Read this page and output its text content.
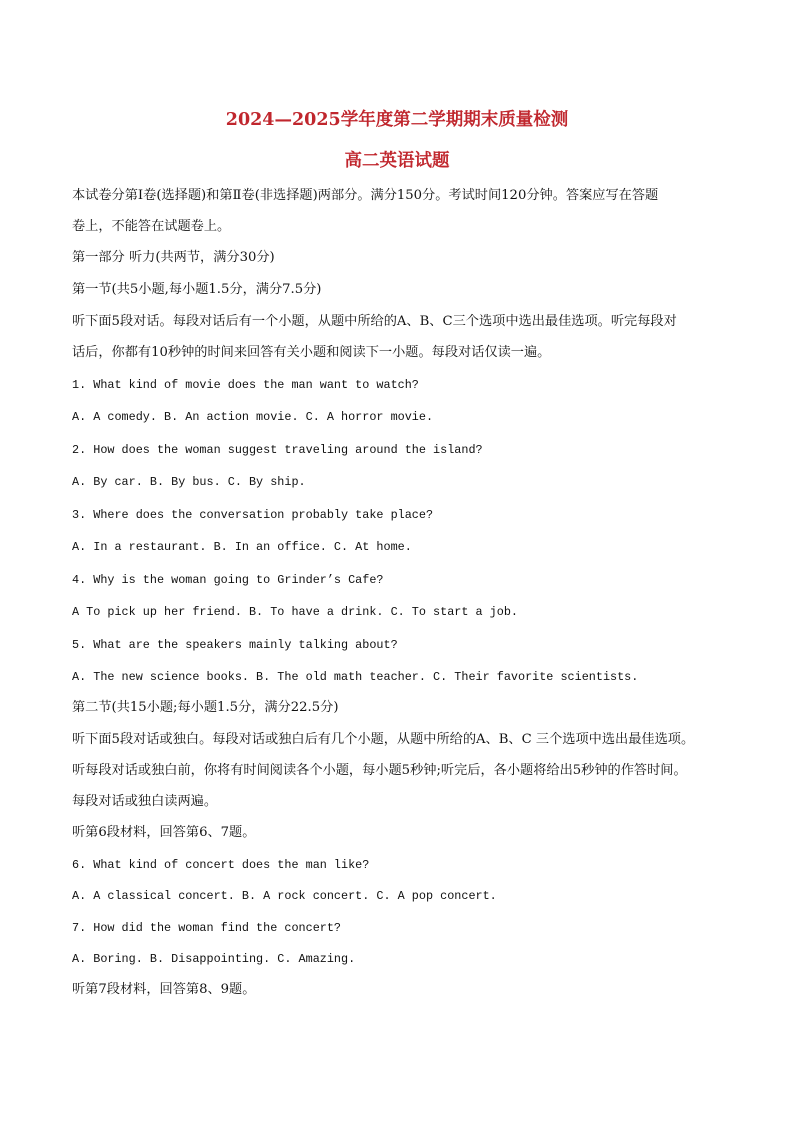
2024—2025学年度第二学期期末质量检测
高二英语试题
本试卷分第Ⅰ卷(选择题)和第Ⅱ卷(非选择题)两部分。满分150分。考试时间120分钟。答案应写在答题
卷上，不能答在试题卷上。
第一部分 听力(共两节，满分30分)
第一节(共5小题,每小题1.5分，满分7.5分)
听下面5段对话。每段对话后有一个小题，从题中所给的A、B、C三个选项中选出最佳选项。听完每段对
话后，你都有10秒钟的时间来回答有关小题和阅读下一小题。每段对话仅读一遍。
1. What kind of movie does the man want to watch?
A. A comedy. B. An action movie. C. A horror movie.
2. How does the woman suggest traveling around the island?
A. By car. B. By bus. C. By ship.
3. Where does the conversation probably take place?
A. In a restaurant. B. In an office. C. At home.
4. Why is the woman going to Grinder’s Cafe?
A To pick up her friend. B. To have a drink. C. To start a job.
5. What are the speakers mainly talking about?
A. The new science books. B. The old math teacher. C. Their favorite scientists.
第二节(共15小题;每小题1.5分，满分22.5分)
听下面5段对话或独白。每段对话或独白后有几个小题，从题中所给的A、B、C 三个选项中选出最佳选项。
听每段对话或独白前，你将有时间阅读各个小题，每小题5秒钟;听完后，各小题将给出5秒钟的作答时间。
每段对话或独白读两遍。
听第6段材料，回答第6、7题。
6. What kind of concert does the man like?
A. A classical concert. B. A rock concert. C. A pop concert.
7. How did the woman find the concert?
A. Boring. B. Disappointing. C. Amazing.
听第7段材料，回答第8、9题。
